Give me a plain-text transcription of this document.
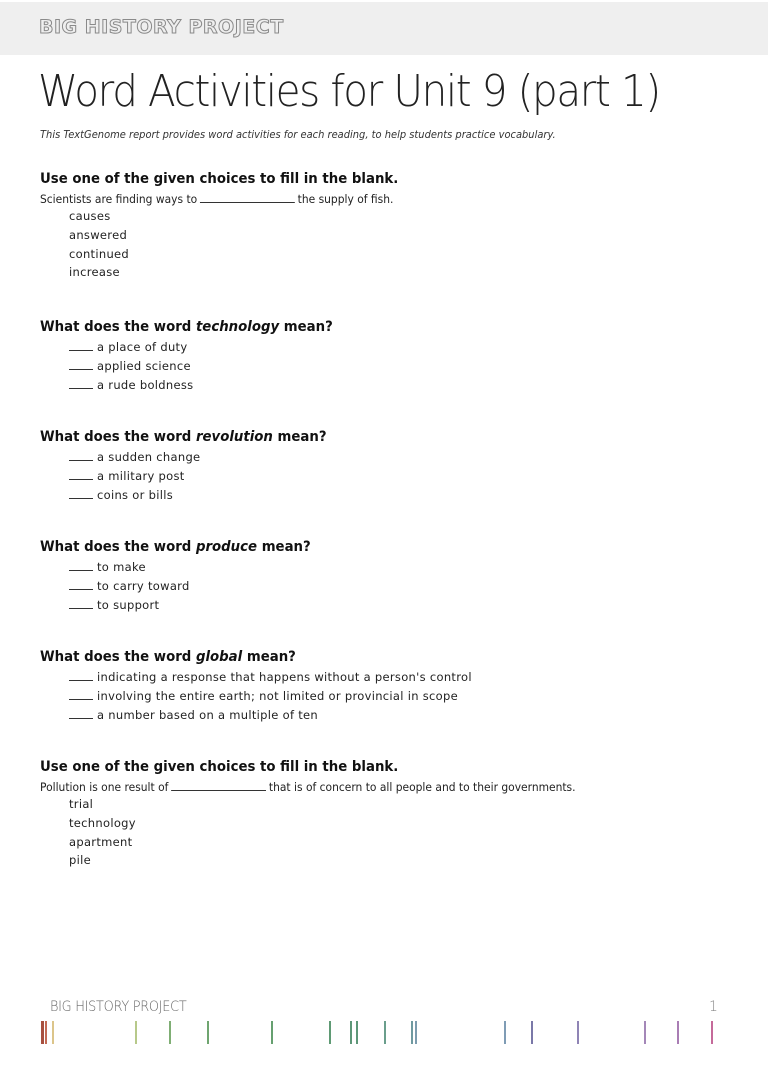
BIG HISTORY PROJECT
Word Activities for Unit 9 (part 1)
This TextGenome report provides word activities for each reading, to help students practice vocabulary.
Use one of the given choices to fill in the blank.
Scientists are finding ways to	the supply of fish.
causes
answered
continued
increase
What does the word technology mean?
a place of duty
applied science
a rude boldness
What does the word revolution mean?
a sudden change
a military post
coins or bills
What does the word produce mean?
to make
to carry toward
to support
What does the word global mean?
indicating a response that happens without a person's control
involving the entire earth; not limited or provincial in scope
a number based on a multiple of ten
Use one of the given choices to fill in the blank.
Pollution is one result of	that is of concern to all people and to their governments.
trial
technology
apartment
pile
BIG HISTORY PROJECT	1
